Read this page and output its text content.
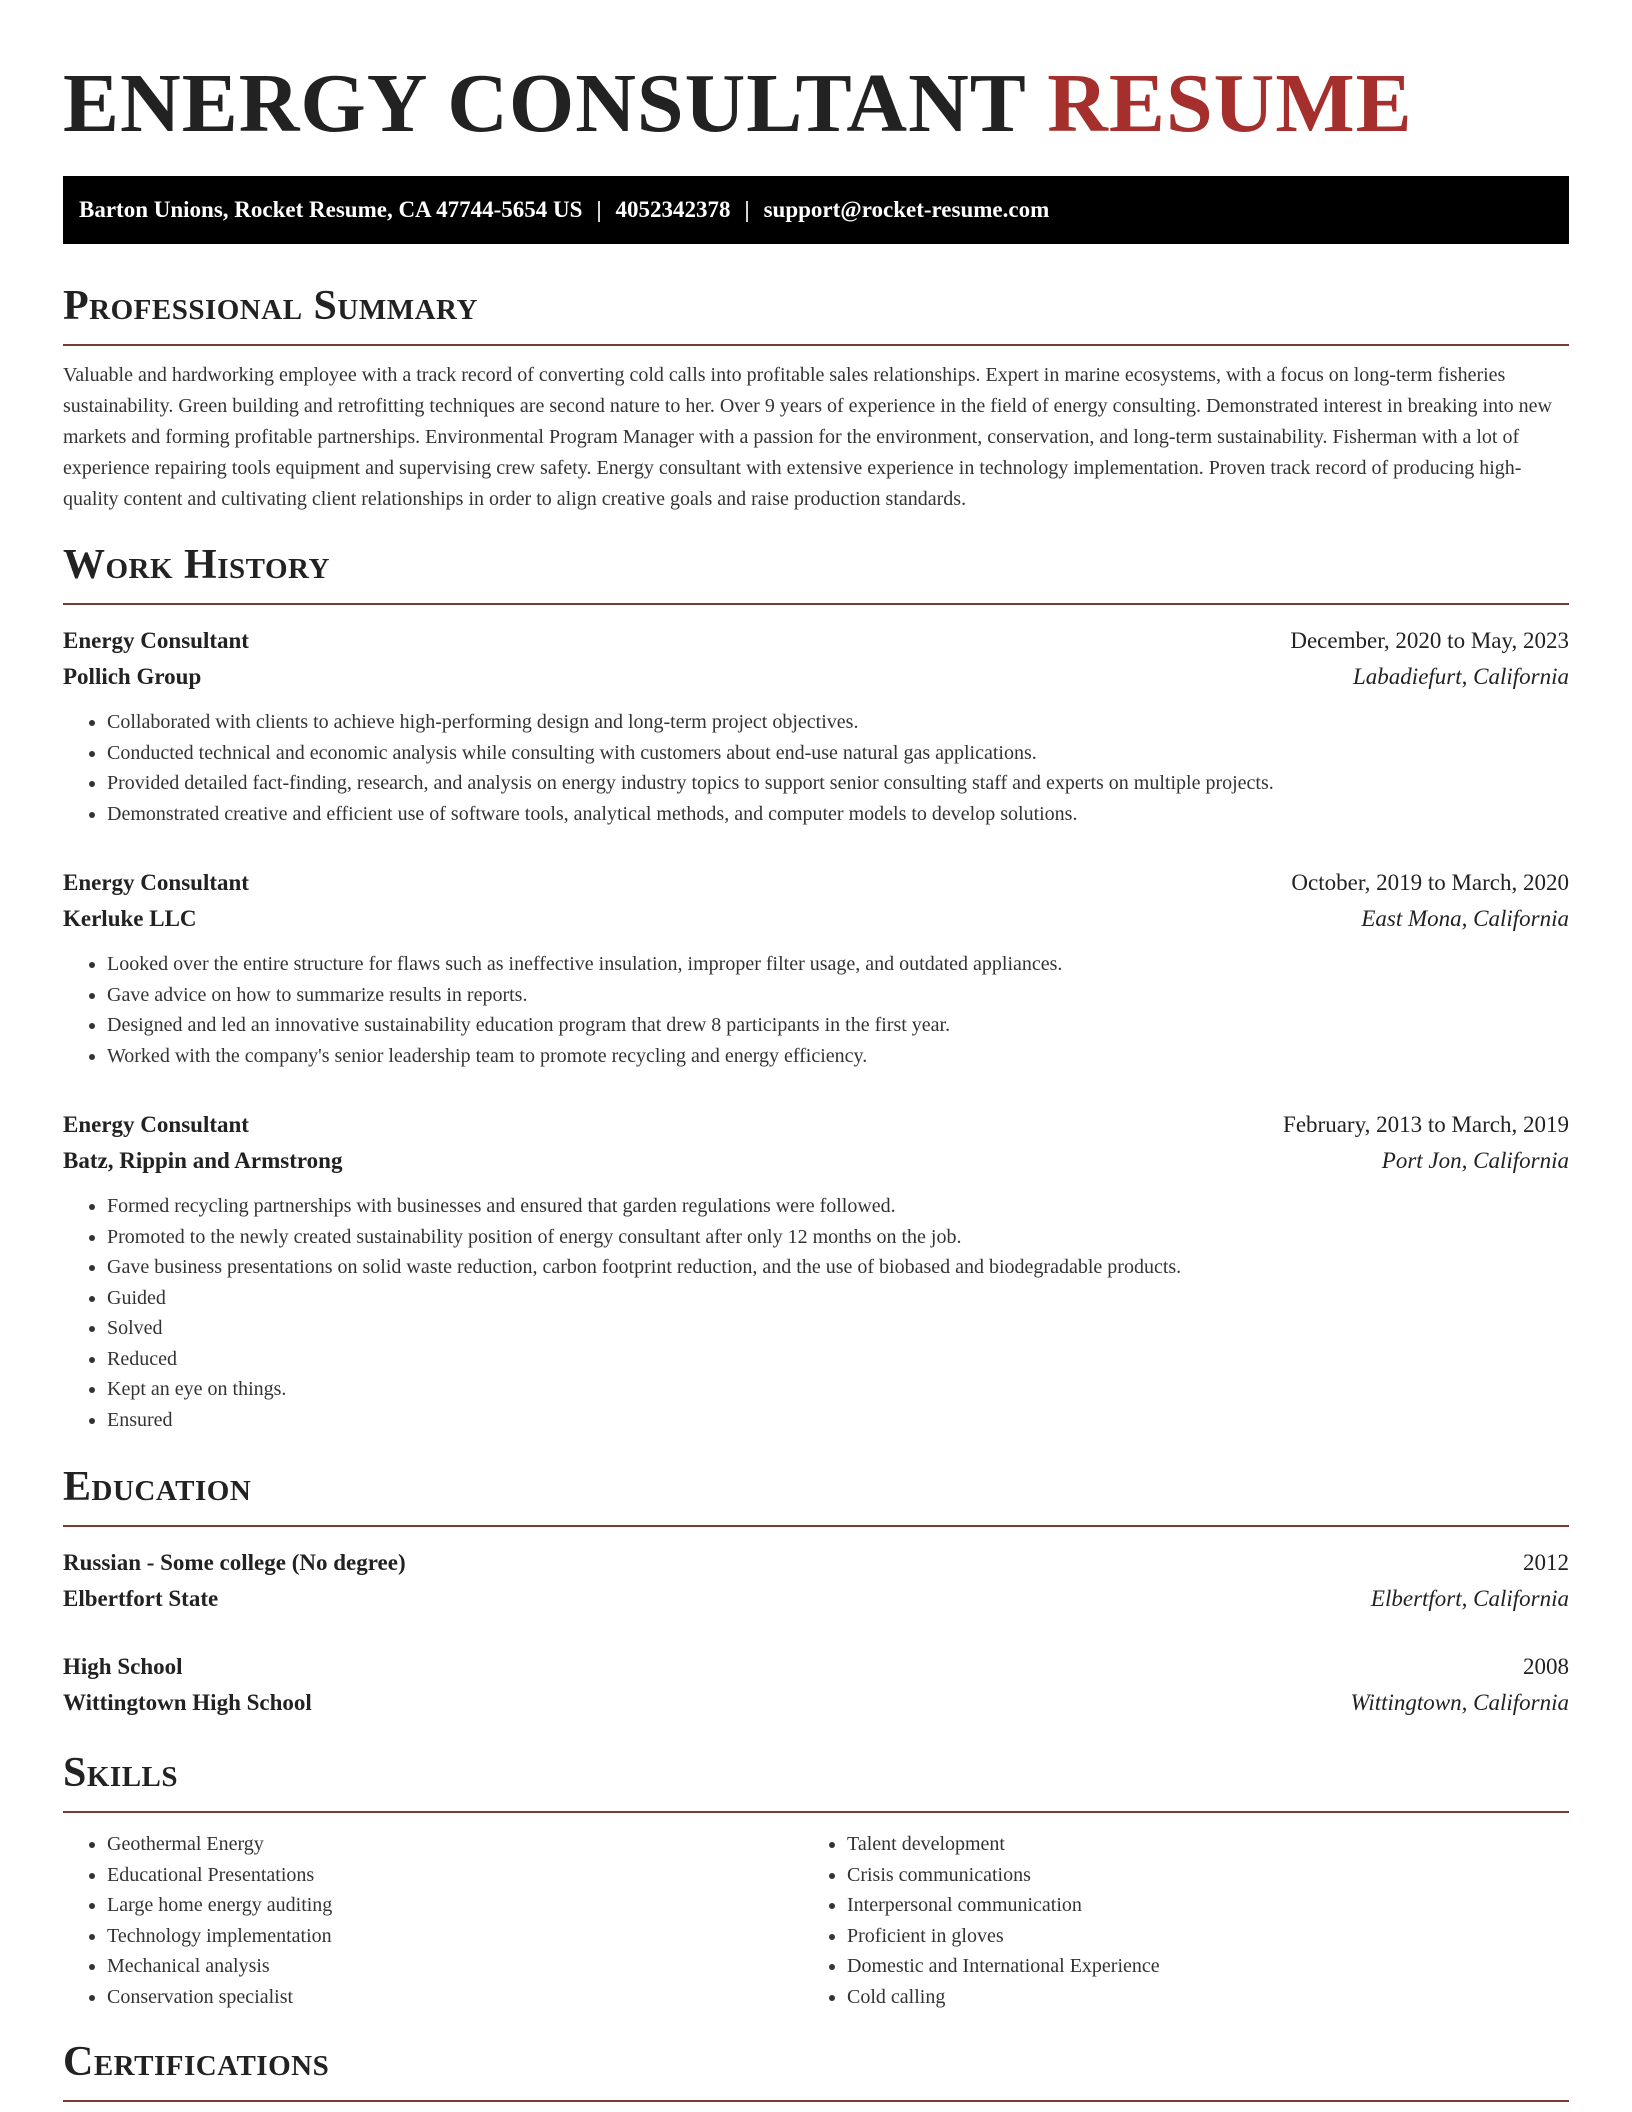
ENERGY CONSULTANT RESUME
Barton Unions, Rocket Resume, CA 47744-5654 US | 4052342378 | support@rocket-resume.com
Professional Summary

Valuable and hardworking employee with a track record of converting cold calls into profitable sales relationships. Expert in marine ecosystems, with a focus on long-term fisheries sustainability. Green building and retrofitting techniques are second nature to her. Over 9 years of experience in the field of energy consulting. Demonstrated interest in breaking into new markets and forming profitable partnerships. Environmental Program Manager with a passion for the environment, conservation, and long-term sustainability. Fisherman with a lot of experience repairing tools equipment and supervising crew safety. Energy consultant with extensive experience in technology implementation. Proven track record of producing high-quality content and cultivating client relationships in order to align creative goals and raise production standards.

Work History
Energy Consultant	December, 2020 to May, 2023
Pollich Group	Labadiefurt, California
• Collaborated with clients to achieve high-performing design and long-term project objectives.
• Conducted technical and economic analysis while consulting with customers about end-use natural gas applications.
• Provided detailed fact-finding, research, and analysis on energy industry topics to support senior consulting staff and experts on multiple projects.
• Demonstrated creative and efficient use of software tools, analytical methods, and computer models to develop solutions.
Energy Consultant	October, 2019 to March, 2020
Kerluke LLC	East Mona, California
• Looked over the entire structure for flaws such as ineffective insulation, improper filter usage, and outdated appliances.
• Gave advice on how to summarize results in reports.
• Designed and led an innovative sustainability education program that drew 8 participants in the first year.
• Worked with the company's senior leadership team to promote recycling and energy efficiency.
Energy Consultant	February, 2013 to March, 2019
Batz, Rippin and Armstrong	Port Jon, California
• Formed recycling partnerships with businesses and ensured that garden regulations were followed.
• Promoted to the newly created sustainability position of energy consultant after only 12 months on the job.
• Gave business presentations on solid waste reduction, carbon footprint reduction, and the use of biobased and biodegradable products.
• Guided
• Solved
• Reduced
• Kept an eye on things.
• Ensured
Education
Russian - Some college (No degree)	2012
Elbertfort State	Elbertfort, California
High School	2008
Wittingtown High School	Wittingtown, California
Skills
• Geothermal Energy
• Educational Presentations
• Large home energy auditing
• Technology implementation
• Mechanical analysis
• Conservation specialist
• Talent development
• Crisis communications
• Interpersonal communication
• Proficient in gloves
• Domestic and International Experience
• Cold calling
Certifications
